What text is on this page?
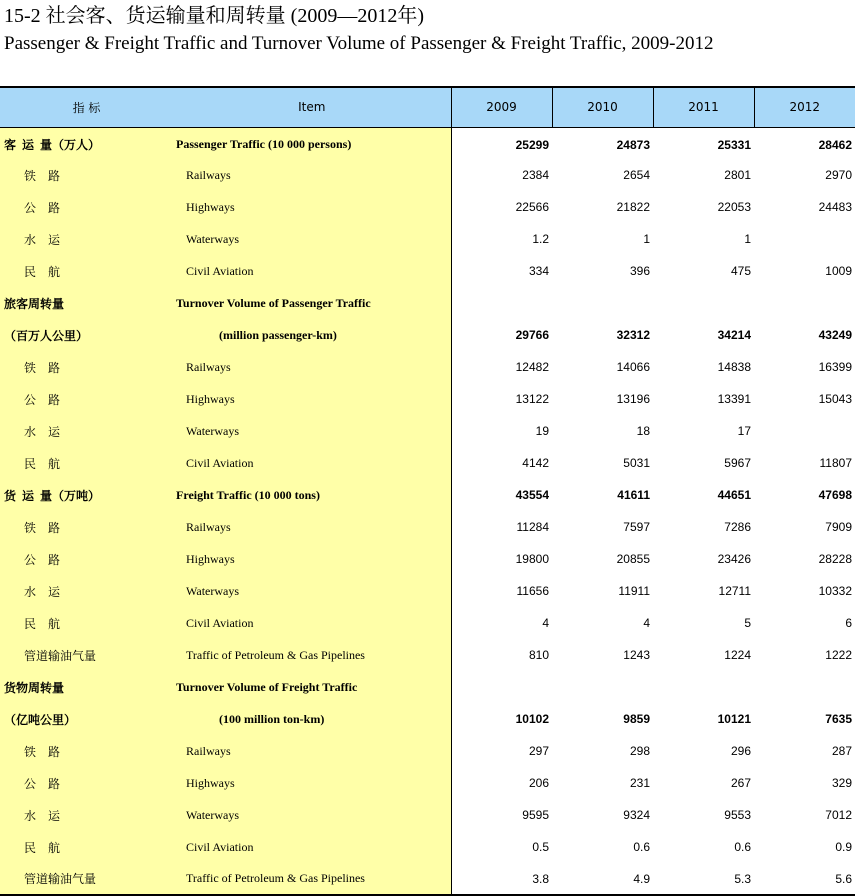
15-2 社会客、货运输量和周转量 (2009—2012年)
Passenger & Freight Traffic and Turnover Volume of Passenger & Freight Traffic, 2009-2012
指 标	Item	2009	2010	2011	2012
客  运  量（万人）	Passenger Traffic (10 000 persons)	25299	24873	25331	28462
铁    路	Railways	2384	2654	2801	2970
公    路	Highways	22566	21822	22053	24483
水    运	Waterways	1.2	1	1	
民    航	Civil Aviation	334	396	475	1009
旅客周转量	Turnover Volume of Passenger Traffic				
（百万人公里）	(million passenger-km)	29766	32312	34214	43249
铁    路	Railways	12482	14066	14838	16399
公    路	Highways	13122	13196	13391	15043
水    运	Waterways	19	18	17	
民    航	Civil Aviation	4142	5031	5967	11807
货  运  量（万吨）	Freight Traffic (10 000 tons)	43554	41611	44651	47698
铁    路	Railways	11284	7597	7286	7909
公    路	Highways	19800	20855	23426	28228
水    运	Waterways	11656	11911	12711	10332
民    航	Civil Aviation	4	4	5	6
管道输油气量	Traffic of Petroleum & Gas Pipelines	810	1243	1224	1222
货物周转量	Turnover Volume of Freight Traffic				
（亿吨公里）	(100 million ton-km)	10102	9859	10121	7635
铁    路	Railways	297	298	296	287
公    路	Highways	206	231	267	329
水    运	Waterways	9595	9324	9553	7012
民    航	Civil Aviation	0.5	0.6	0.6	0.9
管道输油气量	Traffic of Petroleum & Gas Pipelines	3.8	4.9	5.3	5.6
